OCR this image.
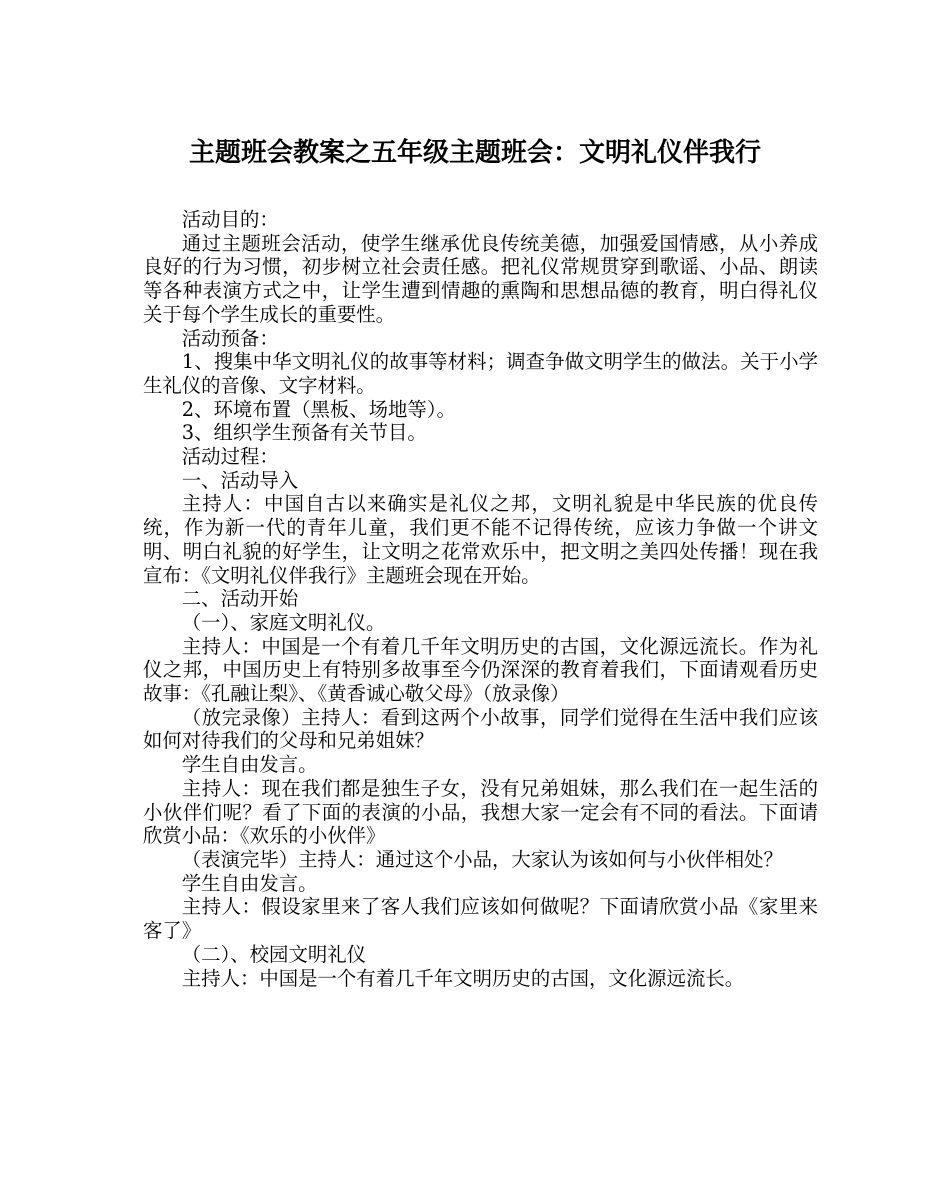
主题班会教案之五年级主题班会：文明礼仪伴我行

活动目的：

通过主题班会活动，使学生继承优良传统美德，加强爱国情感，从小养成良好的行为习惯，初步树立社会责任感。把礼仪常规贯穿到歌谣、小品、朗读等各种表演方式之中，让学生遭到情趣的熏陶和思想品德的教育，明白得礼仪关于每个学生成长的重要性。

活动预备：

1、搜集中华文明礼仪的故事等材料；调查争做文明学生的做法。关于小学生礼仪的音像、文字材料。

2、环境布置（黑板、场地等）。

3、组织学生预备有关节目。

活动过程：

一、活动导入

主持人：中国自古以来确实是礼仪之邦，文明礼貌是中华民族的优良传统，作为新一代的青年儿童，我们更不能不记得传统，应该力争做一个讲文明、明白礼貌的好学生，让文明之花常欢乐中，把文明之美四处传播！现在我宣布：《文明礼仪伴我行》主题班会现在开始。

二、活动开始

（一）、家庭文明礼仪。

主持人：中国是一个有着几千年文明历史的古国，文化源远流长。作为礼仪之邦，中国历史上有特别多故事至今仍深深的教育着我们，下面请观看历史故事：《孔融让梨》、《黄香诚心敬父母》（放录像）

（放完录像）主持人：看到这两个小故事，同学们觉得在生活中我们应该如何对待我们的父母和兄弟姐妹？

学生自由发言。

主持人：现在我们都是独生子女，没有兄弟姐妹，那么我们在一起生活的小伙伴们呢？看了下面的表演的小品，我想大家一定会有不同的看法。下面请欣赏小品：《欢乐的小伙伴》

（表演完毕）主持人：通过这个小品，大家认为该如何与小伙伴相处？

学生自由发言。

主持人：假设家里来了客人我们应该如何做呢？下面请欣赏小品《家里来客了》

（二）、校园文明礼仪

主持人：中国是一个有着几千年文明历史的古国，文化源远流长。
